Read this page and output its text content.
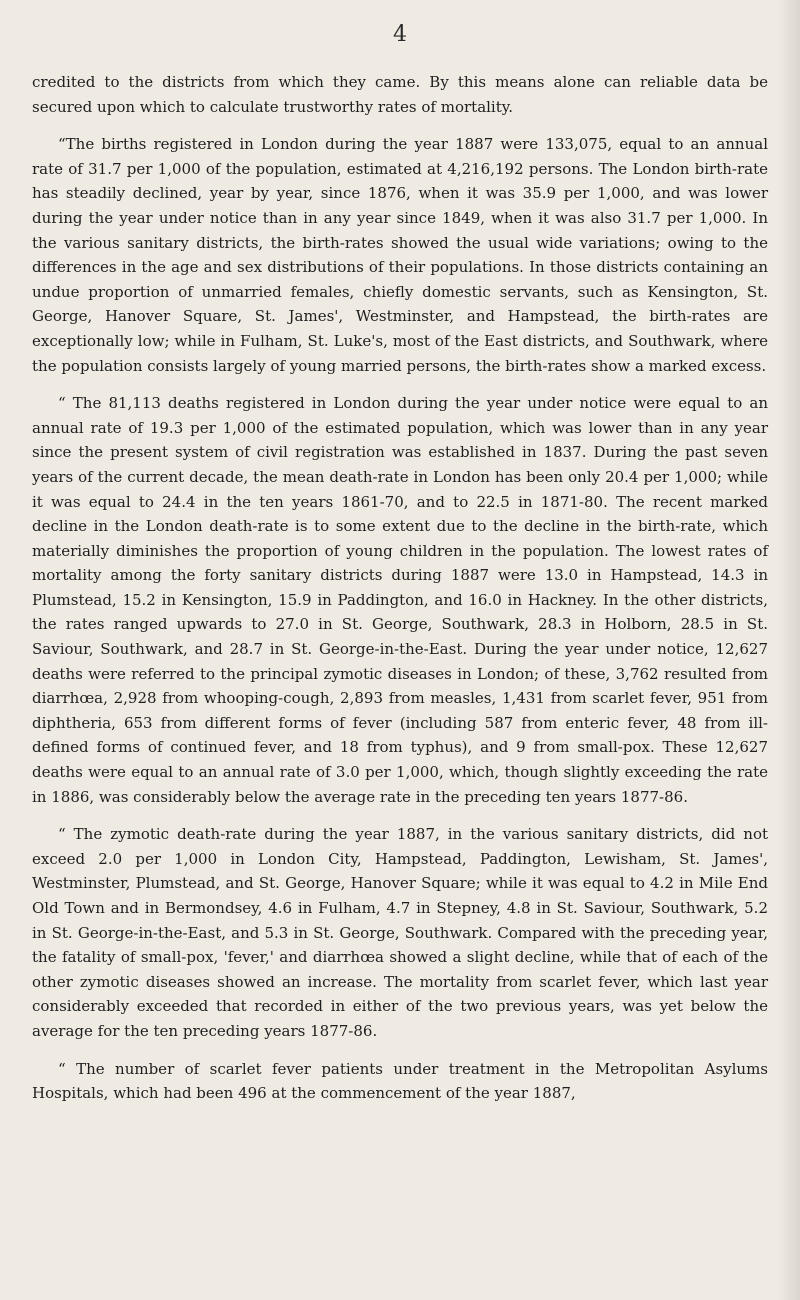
4

credited to the districts from which they came. By this means alone can reliable data be secured upon which to calculate trustworthy rates of mortality.

“The births registered in London during the year 1887 were 133,075, equal to an annual rate of 31.7 per 1,000 of the population, estimated at 4,216,192 persons. The London birth-rate has steadily declined, year by year, since 1876, when it was 35.9 per 1,000, and was lower during the year under notice than in any year since 1849, when it was also 31.7 per 1,000. In the various sanitary districts, the birth-rates showed the usual wide variations; owing to the differences in the age and sex distributions of their populations. In those districts containing an undue proportion of unmarried females, chiefly domestic servants, such as Kensington, St. George, Hanover Square, St. James', Westminster, and Hampstead, the birth-rates are exceptionally low; while in Fulham, St. Luke's, most of the East districts, and Southwark, where the population consists largely of young married persons, the birth-rates show a marked excess.

“ The 81,113 deaths registered in London during the year under notice were equal to an annual rate of 19.3 per 1,000 of the estimated population, which was lower than in any year since the present system of civil registration was established in 1837. During the past seven years of the current decade, the mean death-rate in London has been only 20.4 per 1,000; while it was equal to 24.4 in the ten years 1861-70, and to 22.5 in 1871-80. The recent marked decline in the London death-rate is to some extent due to the decline in the birth-rate, which materially diminishes the proportion of young children in the population. The lowest rates of mortality among the forty sanitary districts during 1887 were 13.0 in Hampstead, 14.3 in Plumstead, 15.2 in Kensington, 15.9 in Paddington, and 16.0 in Hackney. In the other districts, the rates ranged upwards to 27.0 in St. George, Southwark, 28.3 in Holborn, 28.5 in St. Saviour, Southwark, and 28.7 in St. George-in-the-East. During the year under notice, 12,627 deaths were referred to the principal zymotic diseases in London; of these, 3,762 resulted from diarrhœa, 2,928 from whooping-cough, 2,893 from measles, 1,431 from scarlet fever, 951 from diphtheria, 653 from different forms of fever (including 587 from enteric fever, 48 from ill-defined forms of continued fever, and 18 from typhus), and 9 from small-pox. These 12,627 deaths were equal to an annual rate of 3.0 per 1,000, which, though slightly exceeding the rate in 1886, was considerably below the average rate in the preceding ten years 1877-86.

“ The zymotic death-rate during the year 1887, in the various sanitary districts, did not exceed 2.0 per 1,000 in London City, Hampstead, Paddington, Lewisham, St. James', Westminster, Plumstead, and St. George, Hanover Square; while it was equal to 4.2 in Mile End Old Town and in Bermondsey, 4.6 in Fulham, 4.7 in Stepney, 4.8 in St. Saviour, Southwark, 5.2 in St. George-in-the-East, and 5.3 in St. George, Southwark. Compared with the preceding year, the fatality of small-pox, 'fever,' and diarrhœa showed a slight decline, while that of each of the other zymotic diseases showed an increase. The mortality from scarlet fever, which last year considerably exceeded that recorded in either of the two previous years, was yet below the average for the ten preceding years 1877-86.

“ The number of scarlet fever patients under treatment in the Metropolitan Asylums Hospitals, which had been 496 at the commencement of the year 1887,
